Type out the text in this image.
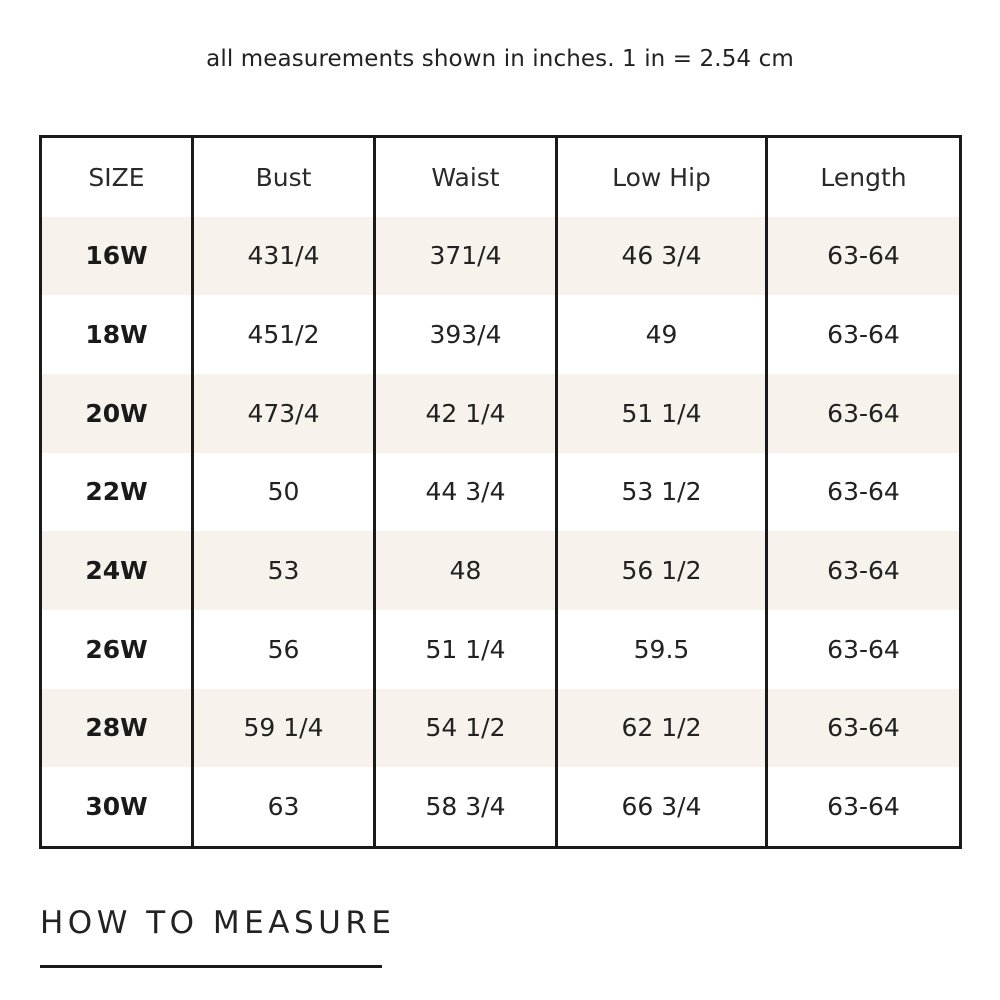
all measurements shown in inches. 1 in = 2.54 cm
SIZE	Bust	Waist	Low Hip	Length
16W	431/4	371/4	46 3/4	63-64
18W	451/2	393/4	49	63-64
20W	473/4	42 1/4	51 1/4	63-64
22W	50	44 3/4	53 1/2	63-64
24W	53	48	56 1/2	63-64
26W	56	51 1/4	59.5	63-64
28W	59 1/4	54 1/2	62 1/2	63-64
30W	63	58 3/4	66 3/4	63-64
HOW TO MEASURE
